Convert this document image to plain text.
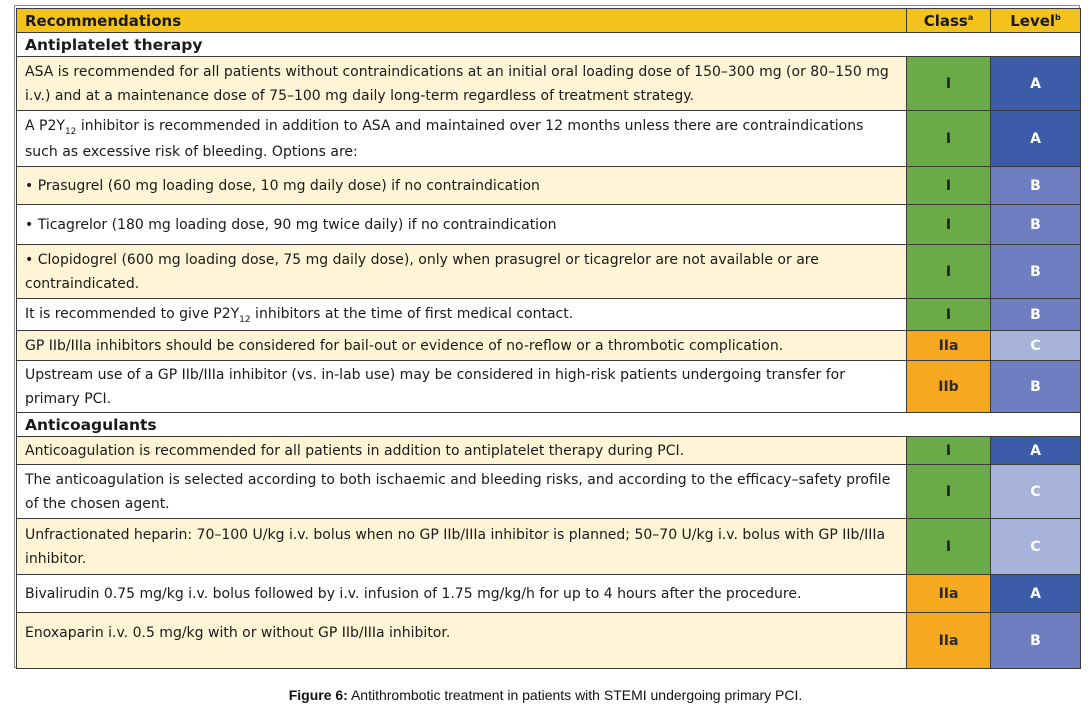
Recommendations	Class$^a$	Level$^b$
Antiplatelet therapy		
ASA is recommended for all patients without contraindications at an initial oral loading dose of 150–300 mg (or 80–150 mg i.v.) and at a maintenance dose of 75–100 mg daily long-term regardless of treatment strategy.	I	A
A $P2Y_{12}$ inhibitor is recommended in addition to ASA and maintained over 12 months unless there are contraindications such as excessive risk of bleeding. Options are:	I	A
• Prasugrel (60 mg loading dose, 10 mg daily dose) if no contraindication	I	B
• Ticagrelor (180 mg loading dose, 90 mg twice daily) if no contraindication	I	B
• Clopidogrel (600 mg loading dose, 75 mg daily dose), only when prasugrel or ticagrelor are not available or are contraindicated.	I	B
It is recommended to give $P2Y_{12}$ inhibitors at the time of first medical contact.	I	B
GP IIb/IIIa inhibitors should be considered for bail-out or evidence of no-reflow or a thrombotic complication.	IIa	C
Upstream use of a GP IIb/IIIa inhibitor (vs. in-lab use) may be considered in high-risk patients undergoing transfer for primary PCI.	IIb	B
Anticoagulants		
Anticoagulation is recommended for all patients in addition to antiplatelet therapy during PCI.	I	A
The anticoagulation is selected according to both ischaemic and bleeding risks, and according to the efficacy–safety profile of the chosen agent.	I	C
Unfractionated heparin: 70–100 U/kg i.v. bolus when no GP IIb/IIIa inhibitor is planned; 50–70 U/kg i.v. bolus with GP IIb/IIIa inhibitor.	I	C
Bivalirudin 0.75 mg/kg i.v. bolus followed by i.v. infusion of 1.75 mg/kg/h for up to 4 hours after the procedure.	IIa	A
Enoxaparin i.v. 0.5 mg/kg with or without GP IIb/IIIa inhibitor.	IIa	B
Figure 6: Antithrombotic treatment in patients with STEMI undergoing primary PCI.
